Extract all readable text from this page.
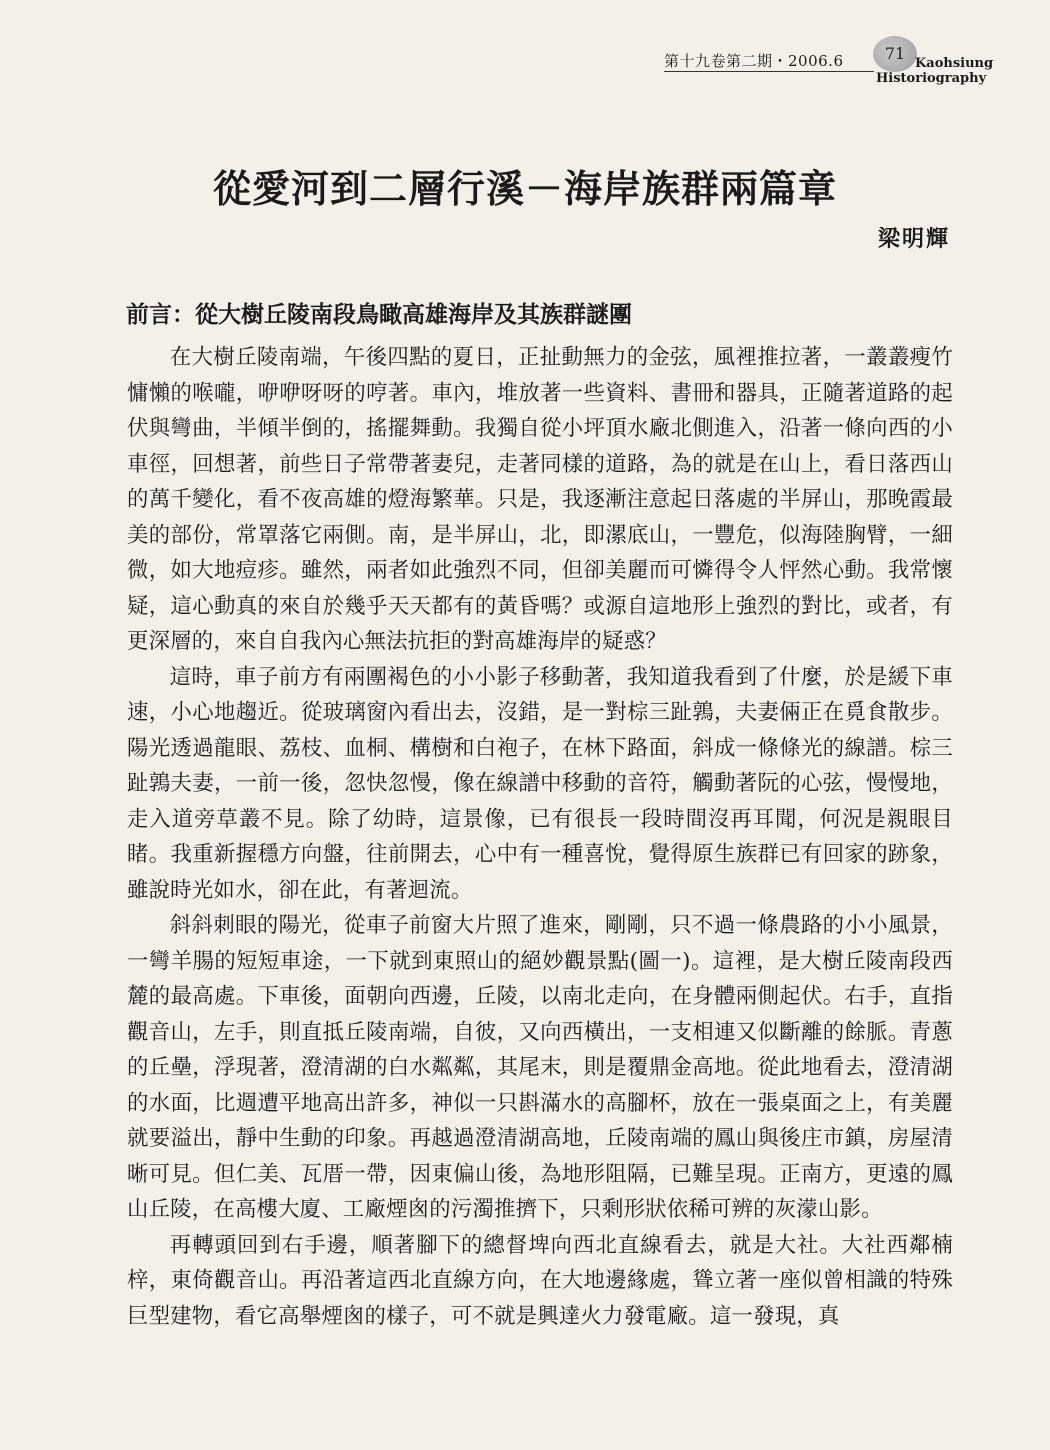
第十九卷第二期・2006.6	71
Kaohsiung
Historiography
從愛河到二層行溪－海岸族群兩篇章
梁明輝
前言：從大樹丘陵南段鳥瞰高雄海岸及其族群謎團

在大樹丘陵南端，午後四點的夏日，正扯動無力的金弦，風裡推拉著，一叢叢瘦竹慵懶的喉嚨，咿咿呀呀的哼著。車內，堆放著一些資料、書冊和器具，正隨著道路的起伏與彎曲，半傾半倒的，搖擺舞動。我獨自從小坪頂水廠北側進入，沿著一條向西的小車徑，回想著，前些日子常帶著妻兒，走著同樣的道路，為的就是在山上，看日落西山的萬千變化，看不夜高雄的燈海繁華。只是，我逐漸注意起日落處的半屏山，那晚霞最美的部份，常罩落它兩側。南，是半屏山，北，即漯底山，一豐危，似海陸胸臂，一細微，如大地痘疹。雖然，兩者如此強烈不同，但卻美麗而可憐得令人怦然心動。我常懷疑，這心動真的來自於幾乎天天都有的黃昏嗎？或源自這地形上強烈的對比，或者，有更深層的，來自自我內心無法抗拒的對高雄海岸的疑惑？

這時，車子前方有兩團褐色的小小影子移動著，我知道我看到了什麼，於是緩下車速，小心地趨近。從玻璃窗內看出去，沒錯，是一對棕三趾鶉，夫妻倆正在覓食散步。陽光透過龍眼、荔枝、血桐、構樹和白袍子，在林下路面，斜成一條條光的線譜。棕三趾鶉夫妻，一前一後，忽快忽慢，像在線譜中移動的音符，觸動著阮的心弦，慢慢地，走入道旁草叢不見。除了幼時，這景像，已有很長一段時間沒再耳聞，何況是親眼目睹。我重新握穩方向盤，往前開去，心中有一種喜悅，覺得原生族群已有回家的跡象，雖說時光如水，卻在此，有著迴流。

斜斜刺眼的陽光，從車子前窗大片照了進來，剛剛，只不過一條農路的小小風景，一彎羊腸的短短車途，一下就到東照山的絕妙觀景點(圖一)。這裡，是大樹丘陵南段西麓的最高處。下車後，面朝向西邊，丘陵，以南北走向，在身體兩側起伏。右手，直指觀音山，左手，則直抵丘陵南端，自彼，又向西橫出，一支相連又似斷離的餘脈。青蔥的丘壘，浮現著，澄清湖的白水粼粼，其尾末，則是覆鼎金高地。從此地看去，澄清湖的水面，比週遭平地高出許多，神似一只斟滿水的高腳杯，放在一張桌面之上，有美麗就要溢出，靜中生動的印象。再越過澄清湖高地，丘陵南端的鳳山與後庄市鎮，房屋清晰可見。但仁美、瓦厝一帶，因東偏山後，為地形阻隔，已難呈現。正南方，更遠的鳳山丘陵，在高樓大廈、工廠煙囪的污濁推擠下，只剩形狀依稀可辨的灰濛山影。

再轉頭回到右手邊，順著腳下的總督埤向西北直線看去，就是大社。大社西鄰楠梓，東倚觀音山。再沿著這西北直線方向，在大地邊緣處，聳立著一座似曾相識的特殊巨型建物，看它高舉煙囪的樣子，可不就是興達火力發電廠。這一發現，真
